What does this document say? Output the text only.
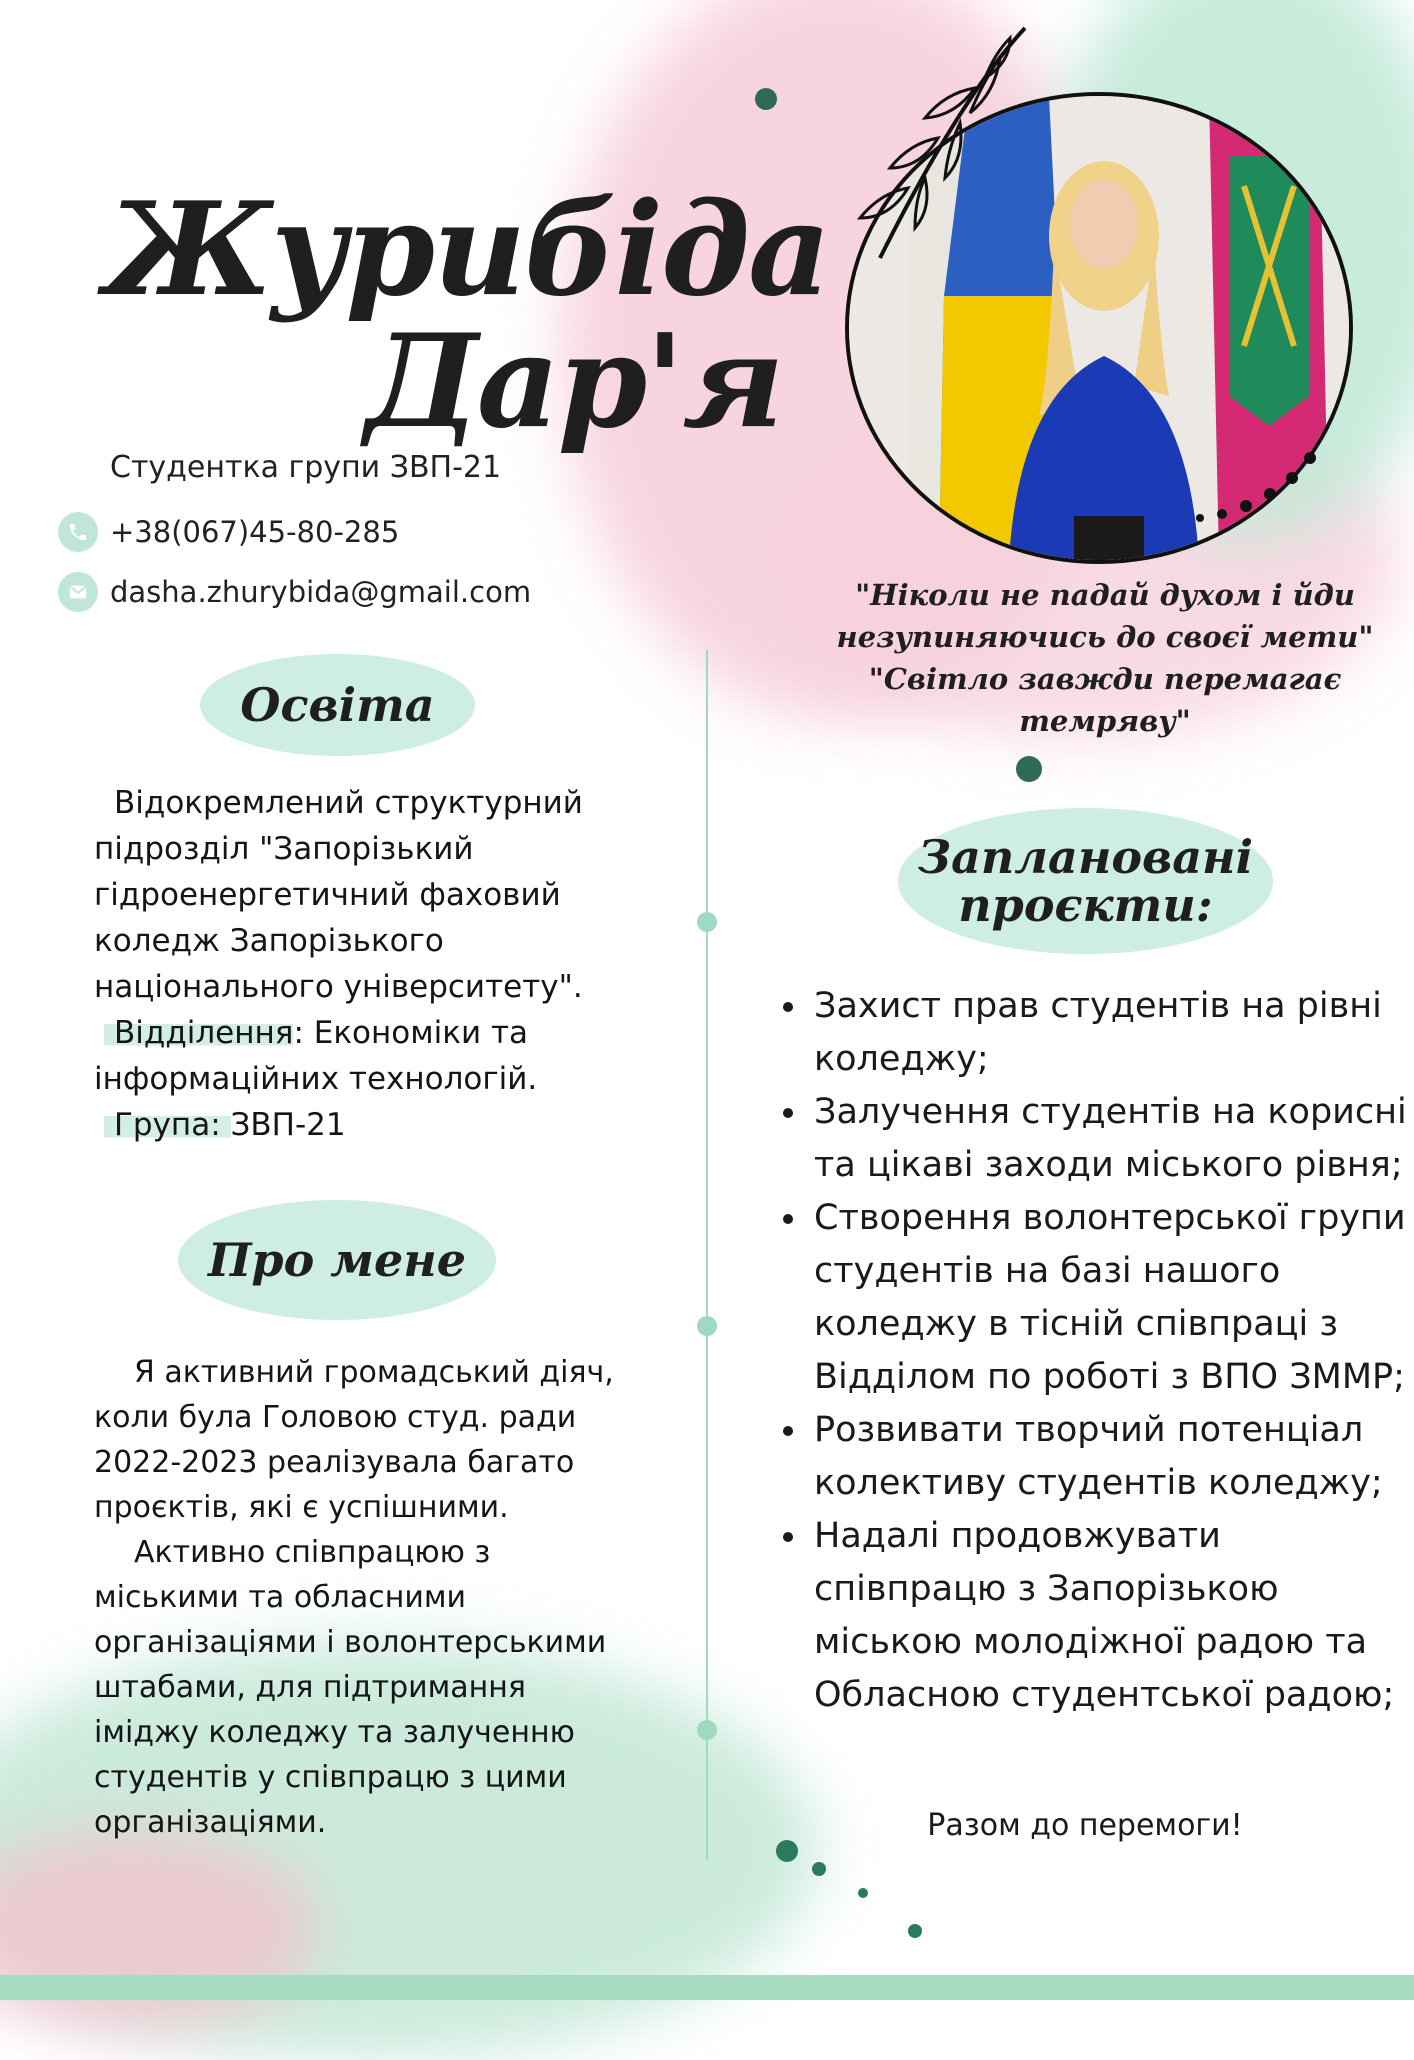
Журибіда
Дар'я
Студентка групи ЗВП-21
+38(067)45-80-285
dasha.zhurybida@gmail.com	"Ніколи не падай духом і йди
незупиняючись до своєї мети"
"Світло завжди перемагає темряву"
Освіта
Відокремлений структурний підрозділ "Запорізький гідроенергетичний фаховий коледж Запорізького національного університету".
Відділення: Економіки та інформаційних технологій.
Група: ЗВП-21
Про мене
Я активний громадський діяч, коли була Головою студ. ради 2022-2023 реалізувала багато проєктів, які є успішними.
Активно співпрацюю з міськими та обласними організаціями і волонтерськими штабами, для підтримання іміджу коледжу та залученню студентів у співпрацю з цими організаціями.
Заплановані
проєкти:
• Захист прав студентів на рівні коледжу;
• Залучення студентів на корисні та цікаві заходи міського рівня;
• Створення волонтерської групи студентів на базі нашого коледжу в тісній співпраці з Відділом по роботі з ВПО ЗММР;
• Розвивати творчий потенціал колективу студентів коледжу;
• Надалі продовжувати співпрацю з Запорізькою міською молодіжної радою та Обласною студентської радою;
Разом до перемоги!
